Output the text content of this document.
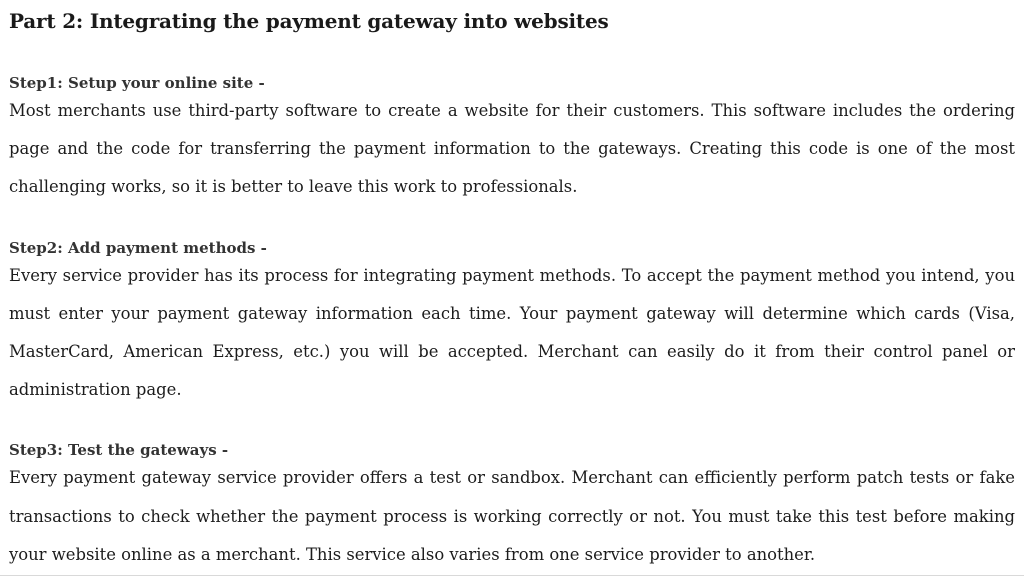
Part 2: Integrating the payment gateway into websites
Step1: Setup your online site -

Most merchants use third-party software to create a website for their customers. This software includes the ordering page and the code for transferring the payment information to the gateways. Creating this code is one of the most challenging works, so it is better to leave this work to professionals.

Step2: Add payment methods -

Every service provider has its process for integrating payment methods. To accept the payment method you intend, you must enter your payment gateway information each time. Your payment gateway will determine which cards (Visa, MasterCard, American Express, etc.) you will be accepted. Merchant can easily do it from their control panel or administration page.

Step3: Test the gateways -

Every payment gateway service provider offers a test or sandbox. Merchant can efficiently perform patch tests or fake transactions to check whether the payment process is working correctly or not. You must take this test before making your website online as a merchant. This service also varies from one service provider to another.
